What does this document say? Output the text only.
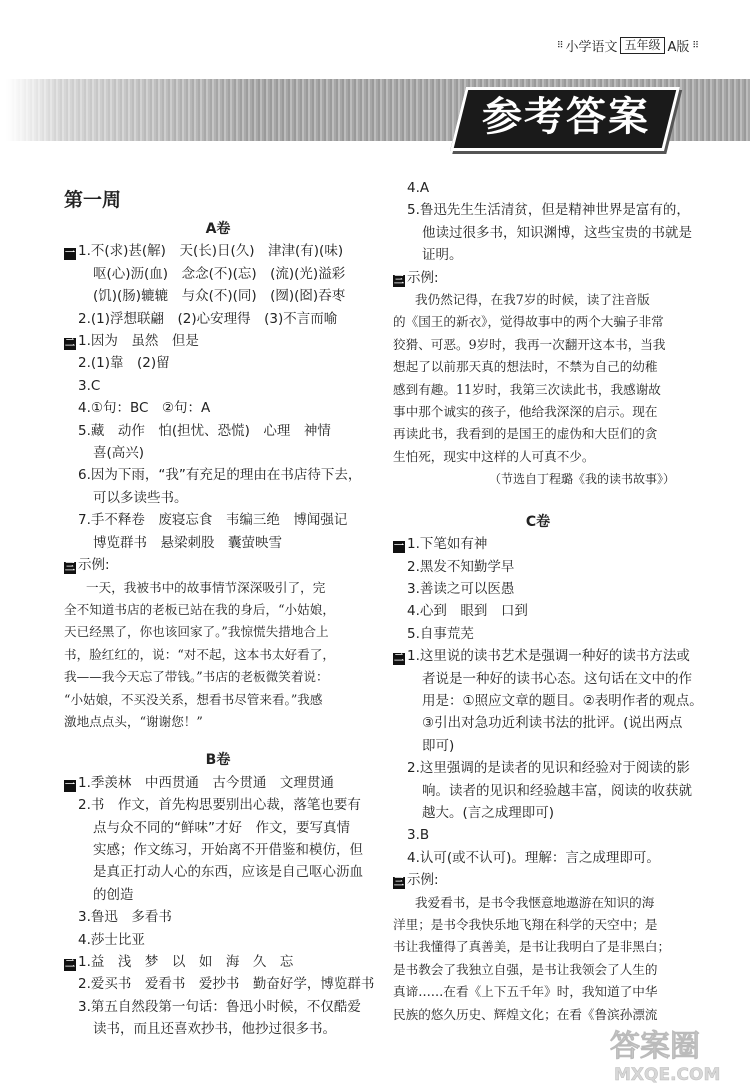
⠿ 小学语文 五年级 A版 ⠿
参考答案
第一周
A卷
一 1.不(求)甚(解)　天(长)日(久)　津津(有)(味)
呕(心)沥(血)　念念(不)(忘)　(流)(光)溢彩
(饥)(肠)辘辘　与众(不)(同)　(囫)(囵)吞枣
2.(1)浮想联翩　(2)心安理得　(3)不言而喻
二 1.因为　虽然　但是
2.(1)靠　(2)留
3.C
4.①句：BC　②句：A
5.藏　动作　怕(担忧、恐慌)　心理　神情
喜(高兴)
6.因为下雨，“我”有充足的理由在书店待下去，
可以多读些书。
7.手不释卷　废寝忘食　韦编三绝　博闻强记
博览群书　悬梁刺股　囊萤映雪
三 示例:
一天，我被书中的故事情节深深吸引了，完
全不知道书店的老板已站在我的身后，“小姑娘，
天已经黑了，你也该回家了。”我惊慌失措地合上
书，脸红红的，说：“对不起，这本书太好看了，
我——我今天忘了带钱。”书店的老板微笑着说：
“小姑娘，不买没关系，想看书尽管来看。”我感
激地点点头，“谢谢您！”
B卷
一 1.季羡林　中西贯通　古今贯通　文理贯通
2.书　作文，首先构思要别出心裁，落笔也要有
点与众不同的“鲜味”才好　作文，要写真情
实感；作文练习，开始离不开借鉴和模仿，但
是真正打动人心的东西，应该是自己呕心沥血
的创造
3.鲁迅　多看书
4.莎士比亚
二 1.益　浅　梦　以　如　海　久　忘
2.爱买书　爱看书　爱抄书　勤奋好学，博览群书
3.第五自然段第一句话：鲁迅小时候，不仅酷爱
读书，而且还喜欢抄书，他抄过很多书。
4.A
5.鲁迅先生生活清贫，但是精神世界是富有的，
他读过很多书，知识渊博，这些宝贵的书就是
证明。
三 示例:
我仍然记得，在我7岁的时候，读了注音版
的《国王的新衣》，觉得故事中的两个大骗子非常
狡猾、可恶。9岁时，我再一次翻开这本书，当我
想起了以前那天真的想法时，不禁为自己的幼稚
感到有趣。11岁时，我第三次读此书，我感谢故
事中那个诚实的孩子，他给我深深的启示。现在
再读此书，我看到的是国王的虚伪和大臣们的贪
生怕死，现实中这样的人可真不少。
（节选自丁程璐《我的读书故事》）
C卷
一 1.下笔如有神
2.黑发不知勤学早
3.善读之可以医愚
4.心到　眼到　口到
5.自事荒芜
二 1.这里说的读书艺术是强调一种好的读书方法或
者说是一种好的读书心态。这句话在文中的作
用是：①照应文章的题目。②表明作者的观点。
③引出对急功近利读书法的批评。(说出两点
即可)
2.这里强调的是读者的见识和经验对于阅读的影
响。读者的见识和经验越丰富，阅读的收获就
越大。(言之成理即可)
3.B
4.认可(或不认可)。理解：言之成理即可。
三 示例:
我爱看书，是书令我惬意地遨游在知识的海
洋里；是书令我快乐地飞翔在科学的天空中；是
书让我懂得了真善美，是书让我明白了是非黑白；
是书教会了我独立自强，是书让我领会了人生的
真谛……在看《上下五千年》时，我知道了中华
民族的悠久历史、辉煌文化；在看《鲁滨孙漂流
答案圈
MXQE.COM
